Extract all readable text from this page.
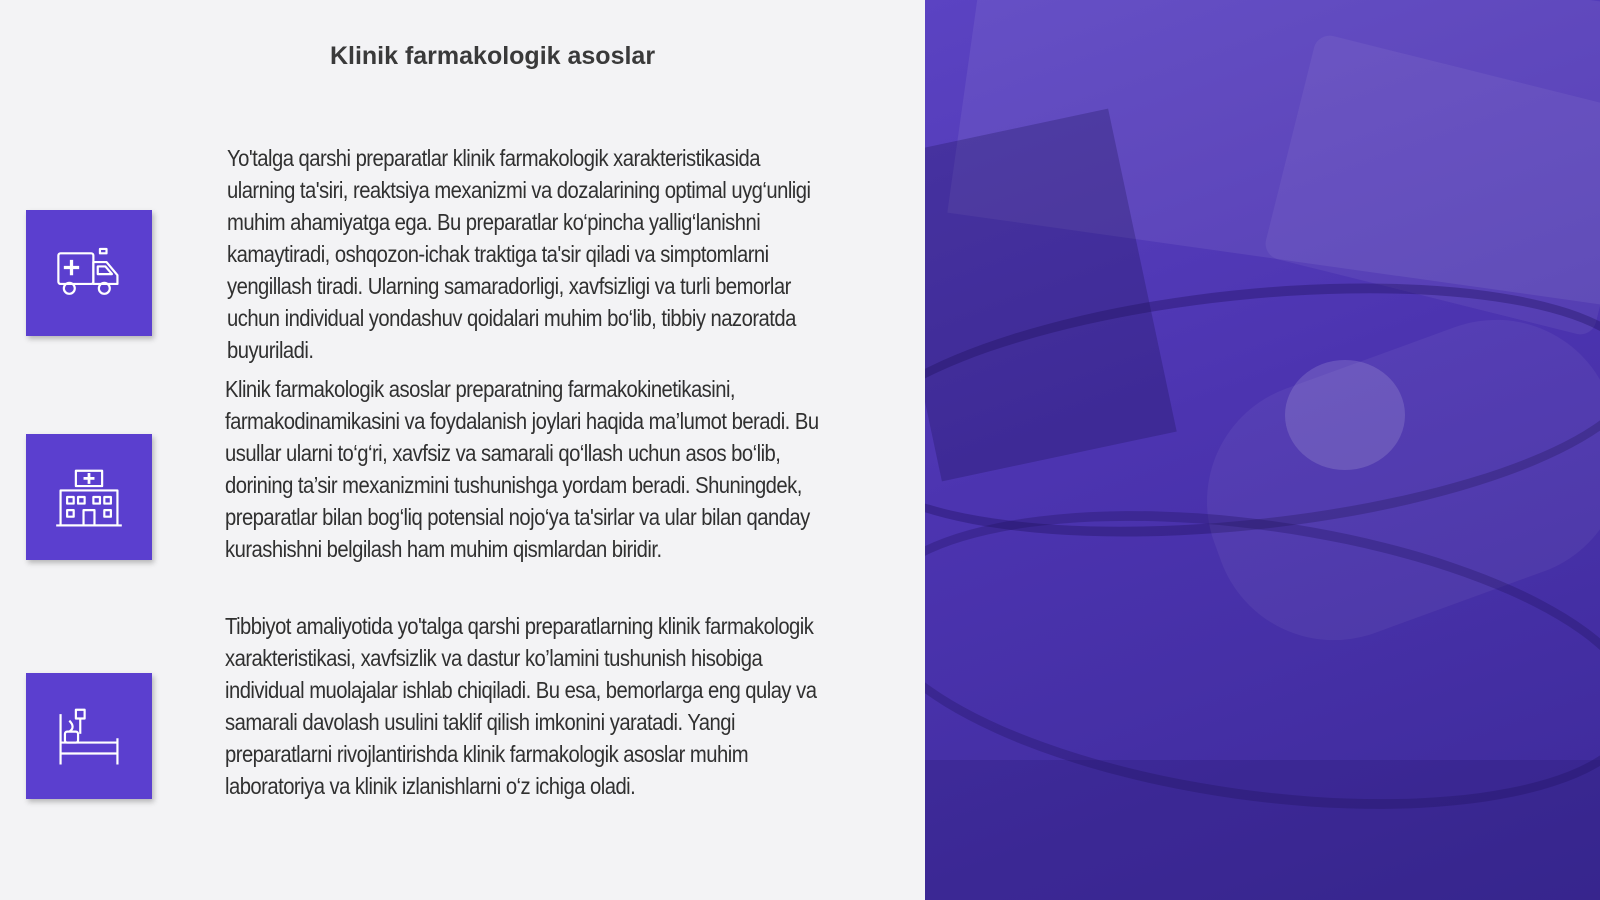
Klinik farmakologik asoslar
Yo'talga qarshi preparatlar klinik farmakologik xarakteristikasida ularning ta'siri, reaktsiya mexanizmi va dozalarining optimal uyg‘unligi muhim ahamiyatga ega. Bu preparatlar ko‘pincha yallig‘lanishni kamaytiradi, oshqozon-ichak traktiga ta'sir qiladi va simptomlarni yengillash tiradi. Ularning samaradorligi, xavfsizligi va turli bemorlar uchun individual yondashuv qoidalari muhim bo‘lib, tibbiy nazoratda buyuriladi.
Klinik farmakologik asoslar preparatning farmakokinetikasini, farmakodinamikasini va foydalanish joylari haqida ma’lumot beradi. Bu usullar ularni to‘g‘ri, xavfsiz va samarali qo‘llash uchun asos bo‘lib, dorining ta’sir mexanizmini tushunishga yordam beradi. Shuningdek, preparatlar bilan bog‘liq potensial nojo‘ya ta'sirlar va ular bilan qanday kurashishni belgilash ham muhim qismlardan biridir.
Tibbiyot amaliyotida yo'talga qarshi preparatlarning klinik farmakologik xarakteristikasi, xavfsizlik va dastur ko’lamini tushunish hisobiga individual muolajalar ishlab chiqiladi. Bu esa, bemorlarga eng qulay va samarali davolash usulini taklif qilish imkonini yaratadi. Yangi preparatlarni rivojlantirishda klinik farmakologik asoslar muhim laboratoriya va klinik izlanishlarni o‘z ichiga oladi.
